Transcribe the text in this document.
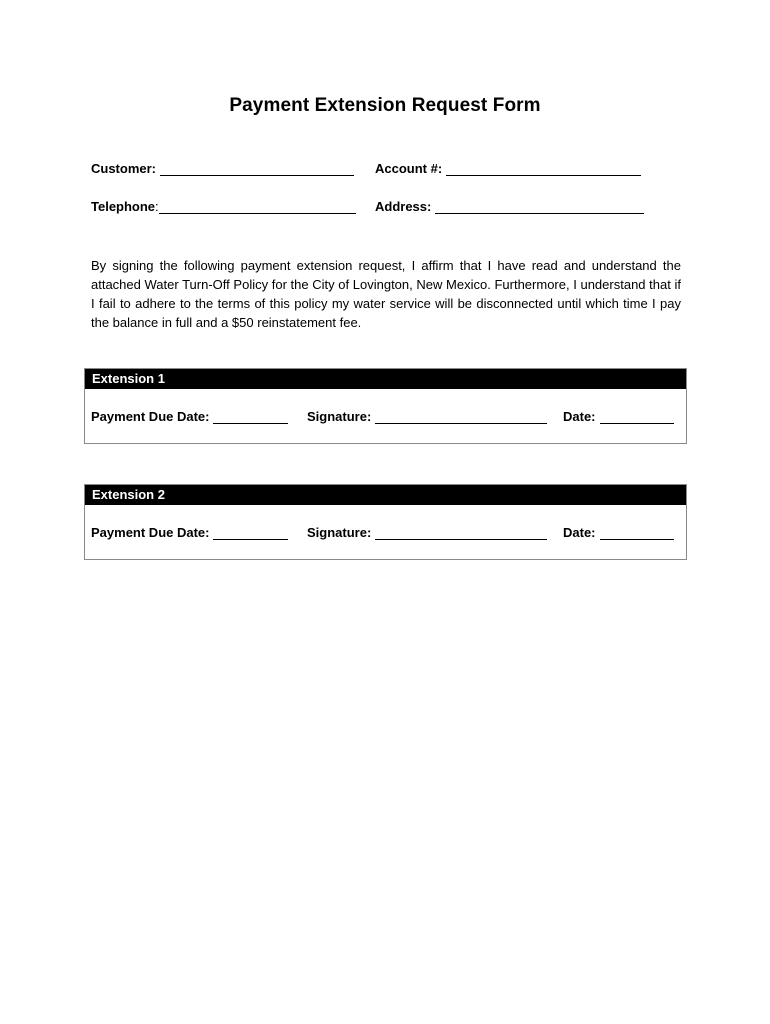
Payment Extension Request Form
Customer:	Account #:
Telephone :	Address:
By signing the following payment extension request, I affirm that I have read and understand the attached Water Turn-Off Policy for the City of Lovington, New Mexico. Furthermore, I understand that if I fail to adhere to the terms of this policy my water service will be disconnected until which time I pay the balance in full and a $50 reinstatement fee.
Extension 1
Payment Due Date:	Signature:	Date:
Extension 2
Payment Due Date:	Signature:	Date:
